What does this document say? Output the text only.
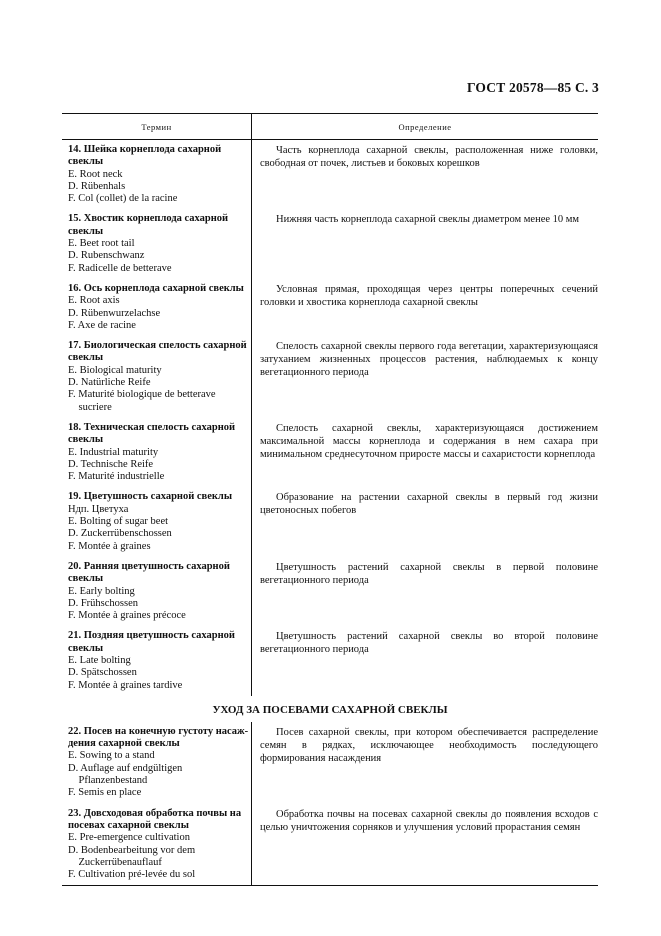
ГОСТ 20578—85 С. 3
Термин	Определение
14. Шейка корнеплода сахарной
свеклы
E. Root neck
D. Rübenhals
F. Col (collet) de la racine

Часть корнеплода сахарной свеклы, расположенная ниже головки, свободная от почек, листьев и боковых корешков

15. Хвостик корнеплода сахарной
свеклы
E. Beet root tail
D. Rubenschwanz
F. Radicelle de betterave

Нижняя часть корнеплода сахарной свеклы диаметром менее 10 мм

16. Ось корнеплода сахарной свеклы
E. Root axis
D. Rübenwurzelachse
F. Axe de racine

Условная прямая, проходящая через центры поперечных сечений головки и хвостика корнеплода сахарной свеклы

17. Биологическая спелость сахарной
свеклы
E. Biological maturity
D. Natürliche Reife
F. Maturité biologique de betterave
sucriere

Спелость сахарной свеклы первого года вегетации, характеризующаяся затуханием жизненных процессов растения, наблюдаемых к концу вегетационного периода

18. Техническая спелость сахарной
свеклы
E. Industrial maturity
D. Technische Reife
F. Maturité industrielle

Спелость сахарной свеклы, характеризующаяся достижением максимальной массы корнеплода и содержания в нем сахара при минимальном среднесуточном приросте массы и сахаристости корнеплода

19. Цветушность сахарной свеклы
Ндп. Цветуха
E. Bolting of sugar beet
D. Zuckerrübenschossen
F. Montée à graines

Образование на растении сахарной свеклы в первый год жизни цветоносных побегов

20. Ранняя цветушность сахарной
свеклы
E. Early bolting
D. Frühschossen
F. Montée à graines précoce

Цветушность растений сахарной свеклы в первой половине вегетационного периода

21. Поздняя цветушность сахарной
свеклы
E. Late bolting
D. Spätschossen
F. Montée à graines tardive

Цветушность растений сахарной свеклы во второй половине вегетационного периода

УХОД ЗА ПОСЕВАМИ САХАРНОЙ СВЕКЛЫ
22. Посев на конечную густоту насаж-
дения сахарной свеклы
E. Sowing to a stand
D. Auflage auf endgültigen
Pflanzenbestand
F. Semis en place

Посев сахарной свеклы, при котором обеспечивается распределение семян в рядках, исключающее необходимость последующего формирования насаждения

23. Довсходовая обработка почвы на
посевах сахарной свеклы
E. Pre-emergence cultivation
D. Bodenbearbeitung vor dem
Zuckerrübenauflauf
F. Cultivation pré-levée du sol

Обработка почвы на посевах сахарной свеклы до появления всходов с целью уничтожения сорняков и улучшения условий прорастания семян
